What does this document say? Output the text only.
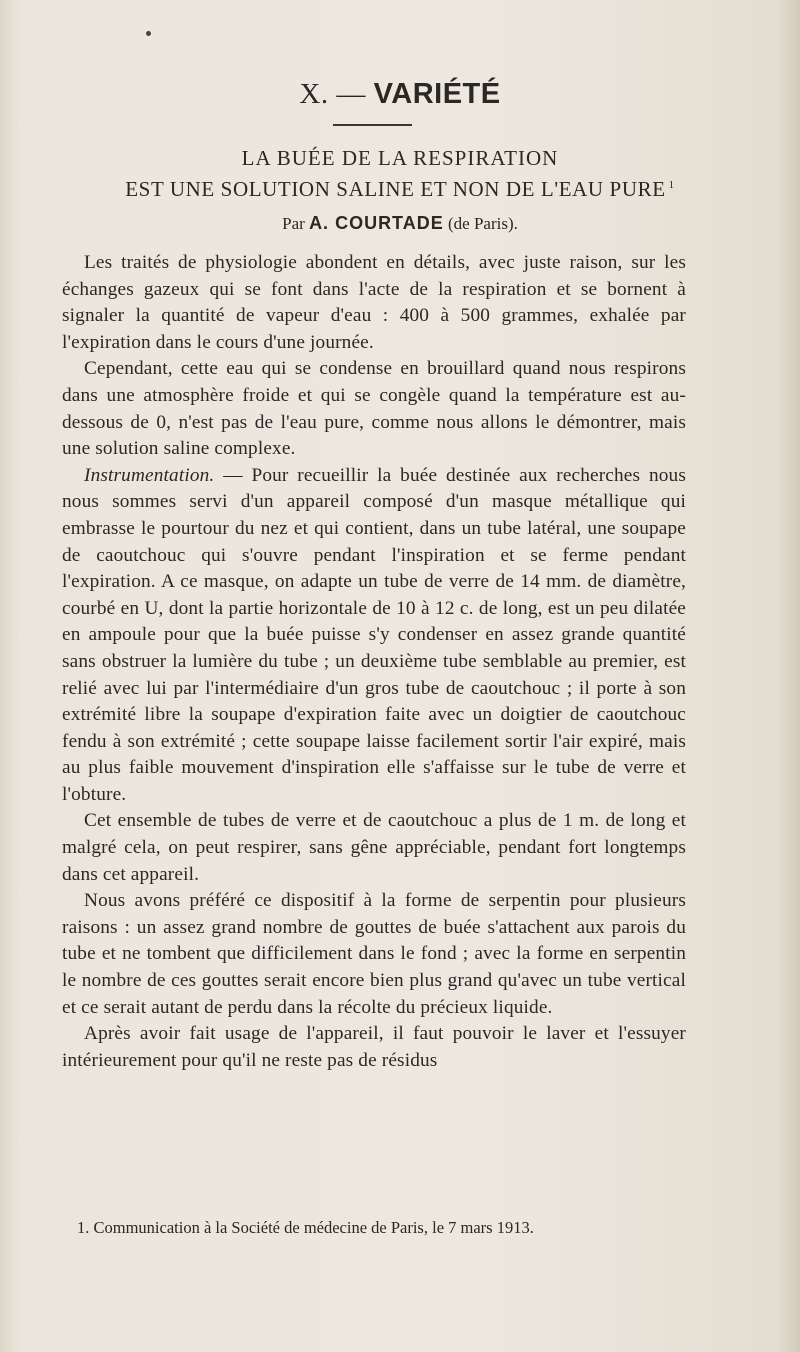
X. — VARIÉTÉ
LA BUÉE DE LA RESPIRATION
EST UNE SOLUTION SALINE ET NON DE L'EAU PURE $^1$
Par A. COURTADE (de Paris).

Les traités de physiologie abondent en détails, avec juste raison, sur les échanges gazeux qui se font dans l'acte de la respiration et se bornent à signaler la quantité de vapeur d'eau : 400 à 500 grammes, exhalée par l'expiration dans le cours d'une journée.

Cependant, cette eau qui se condense en brouillard quand nous respirons dans une atmosphère froide et qui se congèle quand la température est au-dessous de 0, n'est pas de l'eau pure, comme nous allons le démontrer, mais une solution saline complexe.

Instrumentation. — Pour recueillir la buée destinée aux recherches nous nous sommes servi d'un appareil composé d'un masque métallique qui embrasse le pourtour du nez et qui contient, dans un tube latéral, une soupape de caoutchouc qui s'ouvre pendant l'inspiration et se ferme pendant l'expiration. A ce masque, on adapte un tube de verre de 14 mm. de diamètre, courbé en U, dont la partie horizontale de 10 à 12 c. de long, est un peu dilatée en ampoule pour que la buée puisse s'y condenser en assez grande quantité sans obstruer la lumière du tube ; un deuxième tube semblable au premier, est relié avec lui par l'intermédiaire d'un gros tube de caoutchouc ; il porte à son extrémité libre la soupape d'expiration faite avec un doigtier de caoutchouc fendu à son extrémité ; cette soupape laisse facilement sortir l'air expiré, mais au plus faible mouvement d'inspiration elle s'affaisse sur le tube de verre et l'obture.

Cet ensemble de tubes de verre et de caoutchouc a plus de 1 m. de long et malgré cela, on peut respirer, sans gêne appréciable, pendant fort longtemps dans cet appareil.

Nous avons préféré ce dispositif à la forme de serpentin pour plusieurs raisons : un assez grand nombre de gouttes de buée s'attachent aux parois du tube et ne tombent que difficilement dans le fond ; avec la forme en serpentin le nombre de ces gouttes serait encore bien plus grand qu'avec un tube vertical et ce serait autant de perdu dans la récolte du précieux liquide.

Après avoir fait usage de l'appareil, il faut pouvoir le laver et l'essuyer intérieurement pour qu'il ne reste pas de résidus

1. Communication à la Société de médecine de Paris, le 7 mars 1913.
